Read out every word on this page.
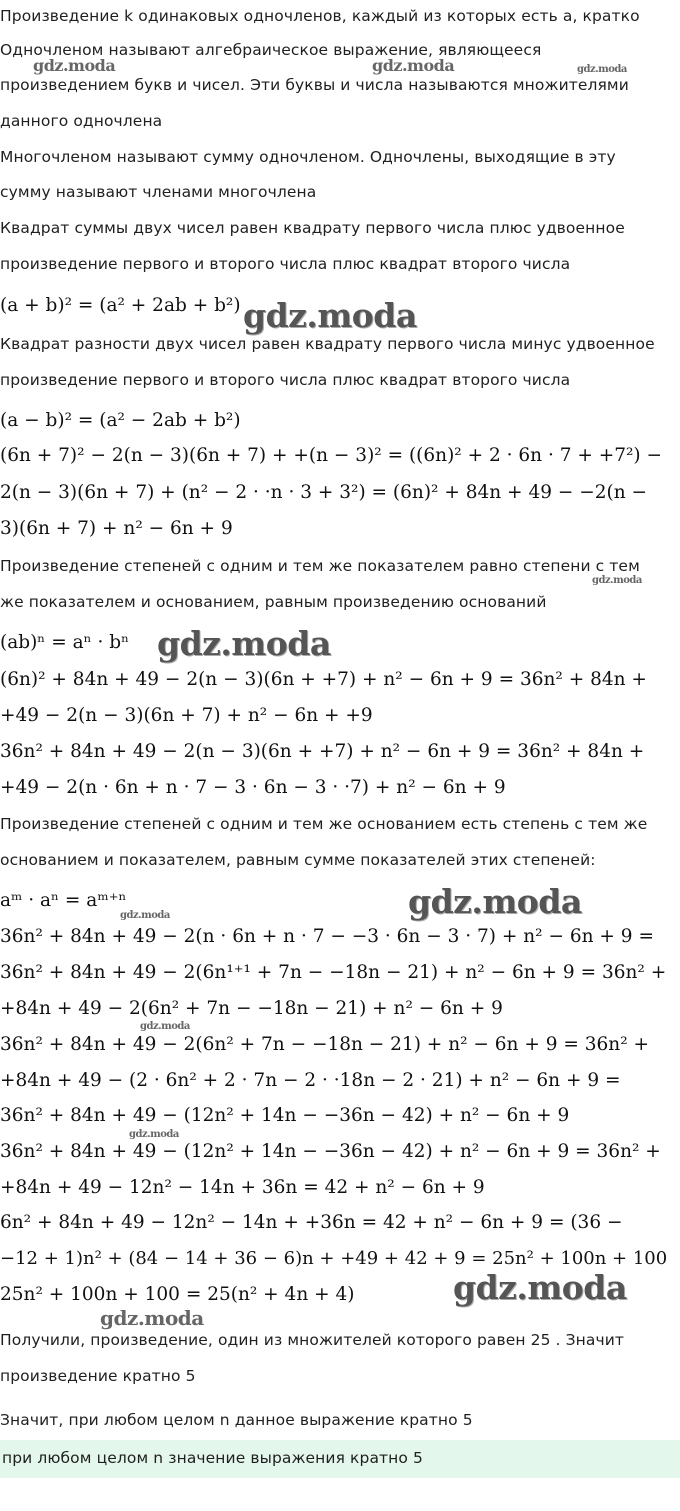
Произведение k одинаковых одночленов, каждый из которых есть a, кратко
Одночленом называют алгебраическое выражение, являющееся
произведением букв и чисел. Эти буквы и числа называются множителями
данного одночлена
Многочленом называют сумму одночленом. Одночлены, выходящие в эту
сумму называют членами многочлена
Квадрат суммы двух чисел равен квадрату первого числа плюс удвоенное
произведение первого и второго числа плюс квадрат второго числа
(a + b)² = (a² + 2ab + b²)
Квадрат разности двух чисел равен квадрату первого числа минус удвоенное
произведение первого и второго числа плюс квадрат второго числа
(a − b)² = (a² − 2ab + b²)
(6n + 7)² − 2(n − 3)(6n + 7) + +(n − 3)² = ((6n)² + 2 · 6n · 7 + +7²) −
2(n − 3)(6n + 7) + (n² − 2 · ·n · 3 + 3²) = (6n)² + 84n + 49 − −2(n −
3)(6n + 7) + n² − 6n + 9
Произведение степеней с одним и тем же показателем равно степени с тем
же показателем и основанием, равным произведению оснований
(ab)ⁿ = aⁿ · bⁿ
(6n)² + 84n + 49 − 2(n − 3)(6n + +7) + n² − 6n + 9 = 36n² + 84n +
+49 − 2(n − 3)(6n + 7) + n² − 6n + +9
36n² + 84n + 49 − 2(n − 3)(6n + +7) + n² − 6n + 9 = 36n² + 84n +
+49 − 2(n · 6n + n · 7 − 3 · 6n − 3 · ·7) + n² − 6n + 9
Произведение степеней с одним и тем же основанием есть степень с тем же
основанием и показателем, равным сумме показателей этих степеней:
aᵐ · aⁿ = aᵐ⁺ⁿ
36n² + 84n + 49 − 2(n · 6n + n · 7 − −3 · 6n − 3 · 7) + n² − 6n + 9 =
36n² + 84n + 49 − 2(6n¹⁺¹ + 7n − −18n − 21) + n² − 6n + 9 = 36n² +
+84n + 49 − 2(6n² + 7n − −18n − 21) + n² − 6n + 9
36n² + 84n + 49 − 2(6n² + 7n − −18n − 21) + n² − 6n + 9 = 36n² +
+84n + 49 − (2 · 6n² + 2 · 7n − 2 · ·18n − 2 · 21) + n² − 6n + 9 =
36n² + 84n + 49 − (12n² + 14n − −36n − 42) + n² − 6n + 9
36n² + 84n + 49 − (12n² + 14n − −36n − 42) + n² − 6n + 9 = 36n² +
+84n + 49 − 12n² − 14n + 36n = 42 + n² − 6n + 9
6n² + 84n + 49 − 12n² − 14n + +36n = 42 + n² − 6n + 9 = (36 −
−12 + 1)n² + (84 − 14 + 36 − 6)n + +49 + 42 + 9 = 25n² + 100n + 100
25n² + 100n + 100 = 25(n² + 4n + 4)
Получили, произведение, один из множителей которого равен 25 . Значит
произведение кратно 5
Значит, при любом целом n данное выражение кратно 5
при любом целом n значение выражения кратно 5
gdz.moda	gdz.moda	gdz.moda
gdz.moda
gdz.moda
gdz.moda
gdz.moda
gdz.moda
gdz.moda
gdz.moda
gdz.moda
gdz.moda
